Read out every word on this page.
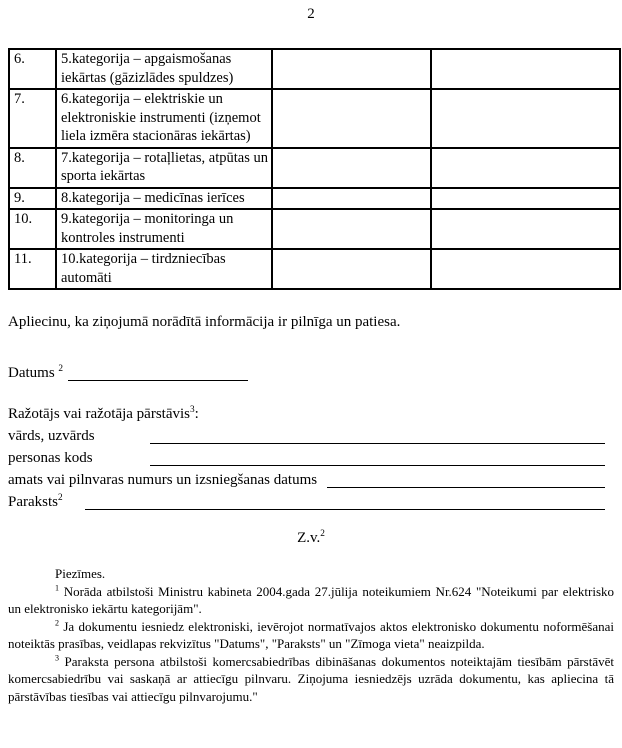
2
6.	5.kategorija – apgaismošanas iekārtas (gāzizlādes spuldzes)		
7.	6.kategorija – elektriskie un elektroniskie instrumenti (izņemot liela izmēra stacionāras iekārtas)		
8.	7.kategorija – rotaļlietas, atpūtas un sporta iekārtas		
9.	8.kategorija – medicīnas ierīces		
10.	9.kategorija – monitoringa un kontroles instrumenti		
11.	10.kategorija – tirdzniecības automāti		
Apliecinu, ka ziņojumā norādītā informācija ir pilnīga un patiesa.
Datums $^2$
Ražotājs vai ražotāja pārstāvis$^3$:
vārds, uzvārds
personas kods
amats vai pilnvaras numurs un izsniegšanas datums
Paraksts$^2$
Z.v.$^2$

Piezīmes.

$^1$ Norāda atbilstoši Ministru kabineta 2004.gada 27.jūlija noteikumiem Nr.624 "Noteikumi par elektrisko un elektronisko iekārtu kategorijām".

$^2$ Ja dokumentu iesniedz elektroniski, ievērojot normatīvajos aktos elektronisko dokumentu noformēšanai noteiktās prasības, veidlapas rekvizītus "Datums", "Paraksts" un "Zīmoga vieta" neaizpilda.

$^3$ Paraksta persona atbilstoši komercsabiedrības dibināšanas dokumentos noteiktajām tiesībām pārstāvēt komercsabiedrību vai saskaņā ar attiecīgu pilnvaru. Ziņojuma iesniedzējs uzrāda dokumentu, kas apliecina tā pārstāvības tiesības vai attiecīgu pilnvarojumu."
